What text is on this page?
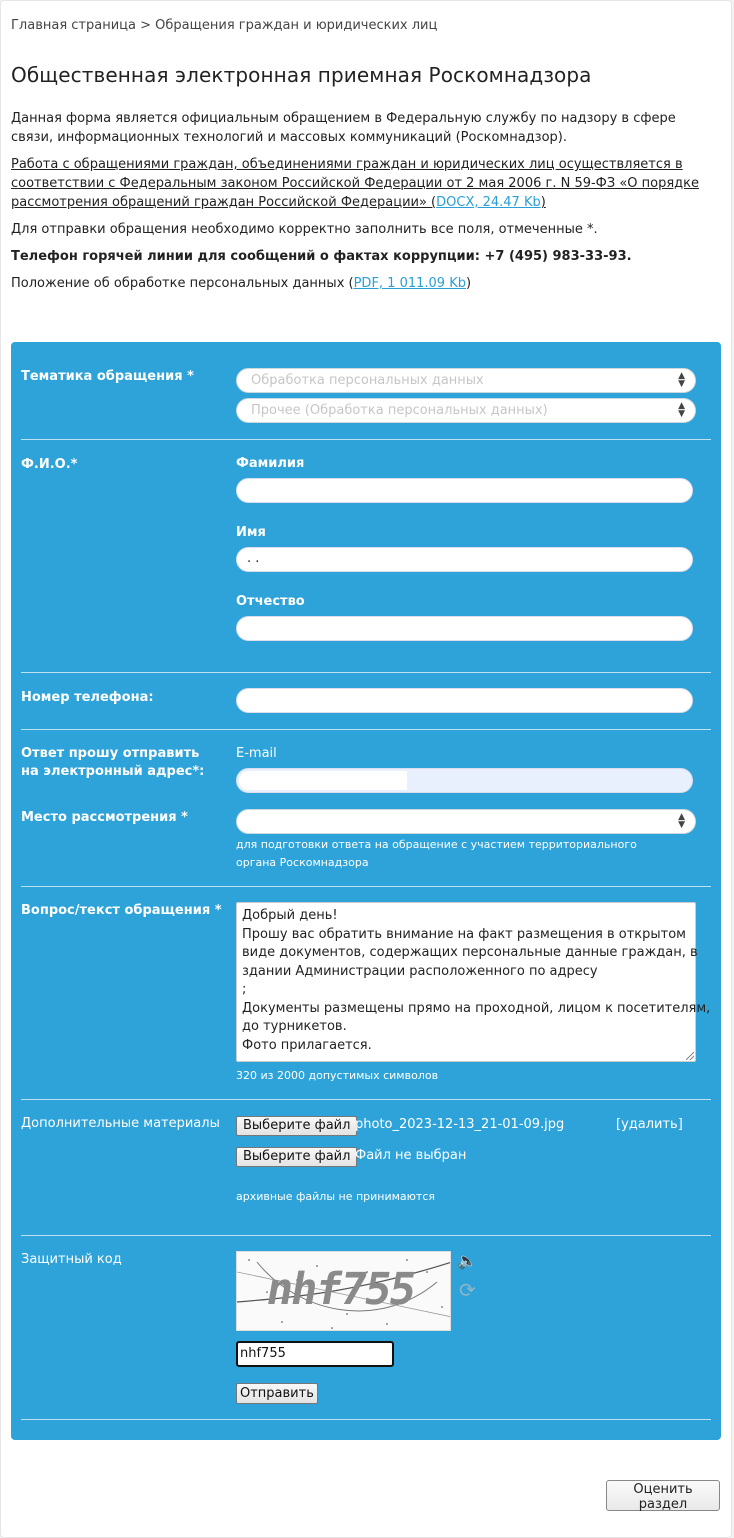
Главная страница > Обращения граждан и юридических лиц
Общественная электронная приемная Роскомнадзора

Данная форма является официальным обращением в Федеральную службу по надзору в сфере связи, информационных технологий и массовых коммуникаций (Роскомнадзор).

Работа с обращениями граждан, объединениями граждан и юридических лиц осуществляется в соответствии с Федеральным законом Российской Федерации от 2 мая 2006 г. N 59-ФЗ «О порядке рассмотрения обращений граждан Российской Федерации» (DOCX, 24.47 Kb)

Для отправки обращения необходимо корректно заполнить все поля, отмеченные *.

Телефон горячей линии для сообщений о фактах коррупции: +7 (495) 983-33-93.

Положение об обработке персональных данных (PDF, 1 011.09 Kb)

Тематика обращения *	Обработка персональных данных	▲
▼
Прочее (Обработка персональных данных)	▲
▼
Ф.И.О.*	Фамилия
Имя
. .
Отчество
Номер телефона:
Ответ прошу отправить на электронный адрес*:
E-mail
Место рассмотрения *	▲
▼
для подготовки ответа на обращение с участием территориального органа Роскомнадзора
Вопрос/текст обращения * Добрый день!
Прошу вас обратить внимание на факт размещения в открытом
виде документов, содержащих персональные данные граждан, в
здании Администрации расположенного по адресу
;
Документы размещены прямо на проходной, лицом к посетителям,
до турникетов.
Фото прилагается.
320 из 2000 допустимых символов
Дополнительные материалы	Выберите файл photo_2023-12-13_21-01-09.jpg	[удалить]
Выберите файл Файл не выбран
архивные файлы не принимаются
Защитный код
nhf755
🔈
⟳
nhf755
Отправить
Оценить раздел
